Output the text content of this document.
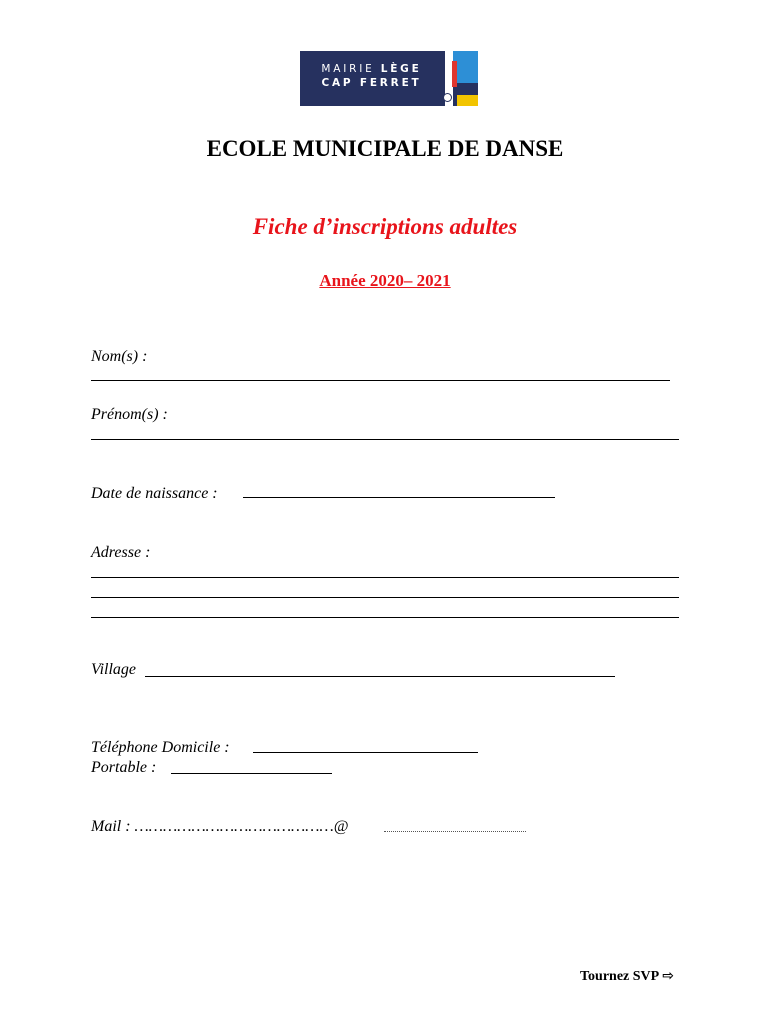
MAIRIE LÈGE
CAP FERRET
ECOLE MUNICIPALE DE DANSE
Fiche d’inscriptions adultes
Année 2020– 2021
Nom(s) :
Prénom(s) :
Date de naissance :
Adresse :
Village
Téléphone Domicile :
Portable :
Mail : ……………………………………@
Tournez SVP ⇨
